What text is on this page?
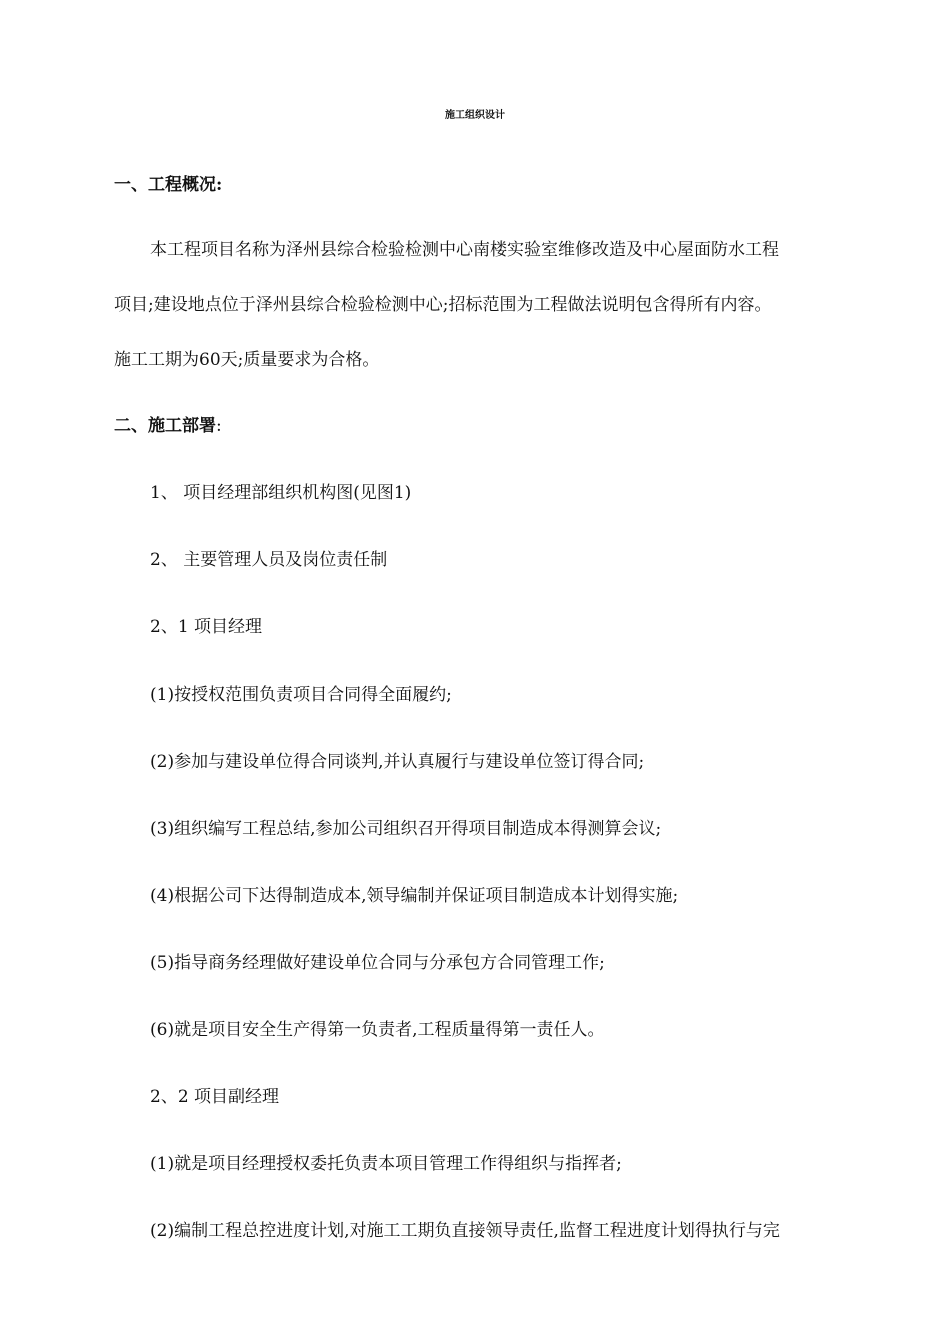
施工组织设计
一、工程概况:
本工程项目名称为泽州县综合检验检测中心南楼实验室维修改造及中心屋面防水工程
项目;建设地点位于泽州县综合检验检测中心;招标范围为工程做法说明包含得所有内容。
施工工期为60天;质量要求为合格。
二、施工部署:
1、 项目经理部组织机构图(见图1)
2、 主要管理人员及岗位责任制
2、1 项目经理
(1)按授权范围负责项目合同得全面履约;
(2)参加与建设单位得合同谈判,并认真履行与建设单位签订得合同;
(3)组织编写工程总结,参加公司组织召开得项目制造成本得测算会议;
(4)根据公司下达得制造成本,领导编制并保证项目制造成本计划得实施;
(5)指导商务经理做好建设单位合同与分承包方合同管理工作;
(6)就是项目安全生产得第一负责者,工程质量得第一责任人。
2、2 项目副经理
(1)就是项目经理授权委托负责本项目管理工作得组织与指挥者;
(2)编制工程总控进度计划,对施工工期负直接领导责任,监督工程进度计划得执行与完
